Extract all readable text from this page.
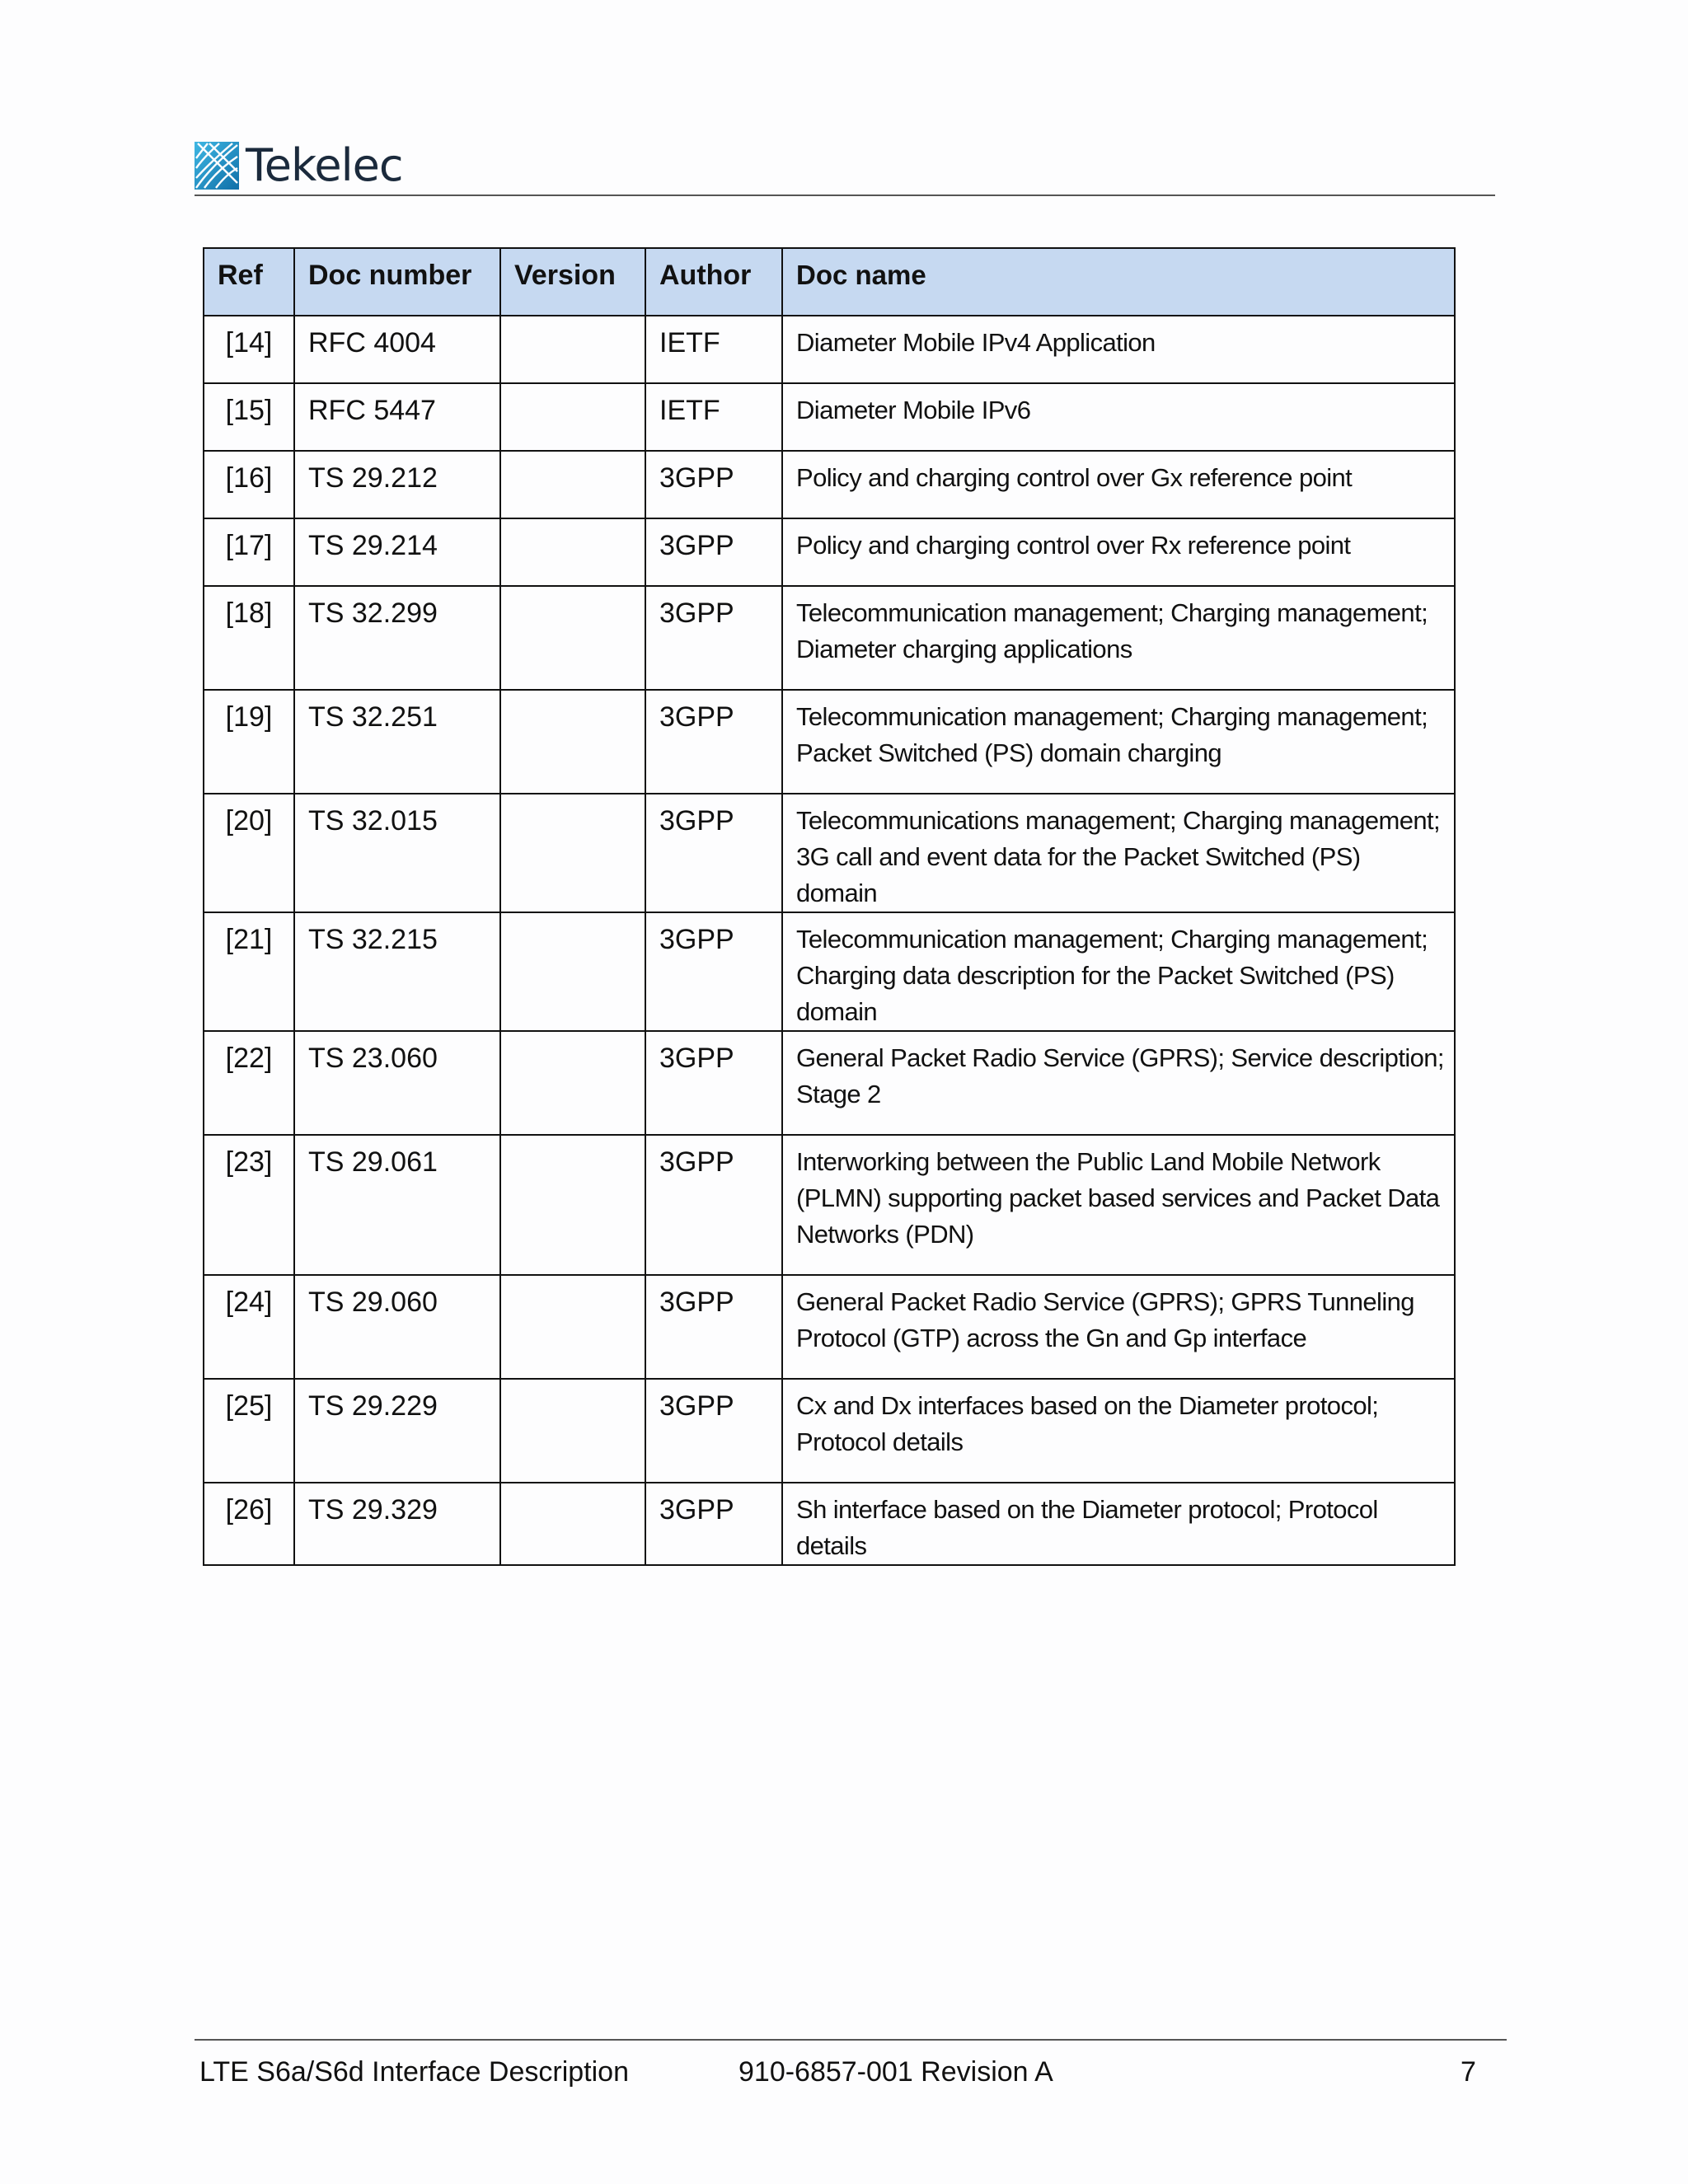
Tekelec
Ref	Doc number	Version	Author	Doc name
[14]	RFC 4004		IETF	Diameter Mobile IPv4 Application
[15]	RFC 5447		IETF	Diameter Mobile IPv6
[16]	TS 29.212		3GPP	Policy and charging control over Gx reference point
[17]	TS 29.214		3GPP	Policy and charging control over Rx reference point
[18]	TS 32.299		3GPP	Telecommunication management; Charging management; Diameter charging applications
[19]	TS 32.251		3GPP	Telecommunication management; Charging management; Packet Switched (PS) domain charging
[20]	TS 32.015		3GPP	Telecommunications management; Charging management; 3G call and event data for the Packet Switched (PS) domain
[21]	TS 32.215		3GPP	Telecommunication management; Charging management; Charging data description for the Packet Switched (PS) domain
[22]	TS 23.060		3GPP	General Packet Radio Service (GPRS); Service description; Stage 2
[23]	TS 29.061		3GPP	Interworking between the Public Land Mobile Network (PLMN) supporting packet based services and Packet Data Networks (PDN)
[24]	TS 29.060		3GPP	General Packet Radio Service (GPRS); GPRS Tunneling Protocol (GTP) across the Gn and Gp interface
[25]	TS 29.229		3GPP	Cx and Dx interfaces based on the Diameter protocol; Protocol details
[26]	TS 29.329		3GPP	Sh interface based on the Diameter protocol; Protocol details
LTE S6a/S6d Interface Description	910-6857-001 Revision A	7
